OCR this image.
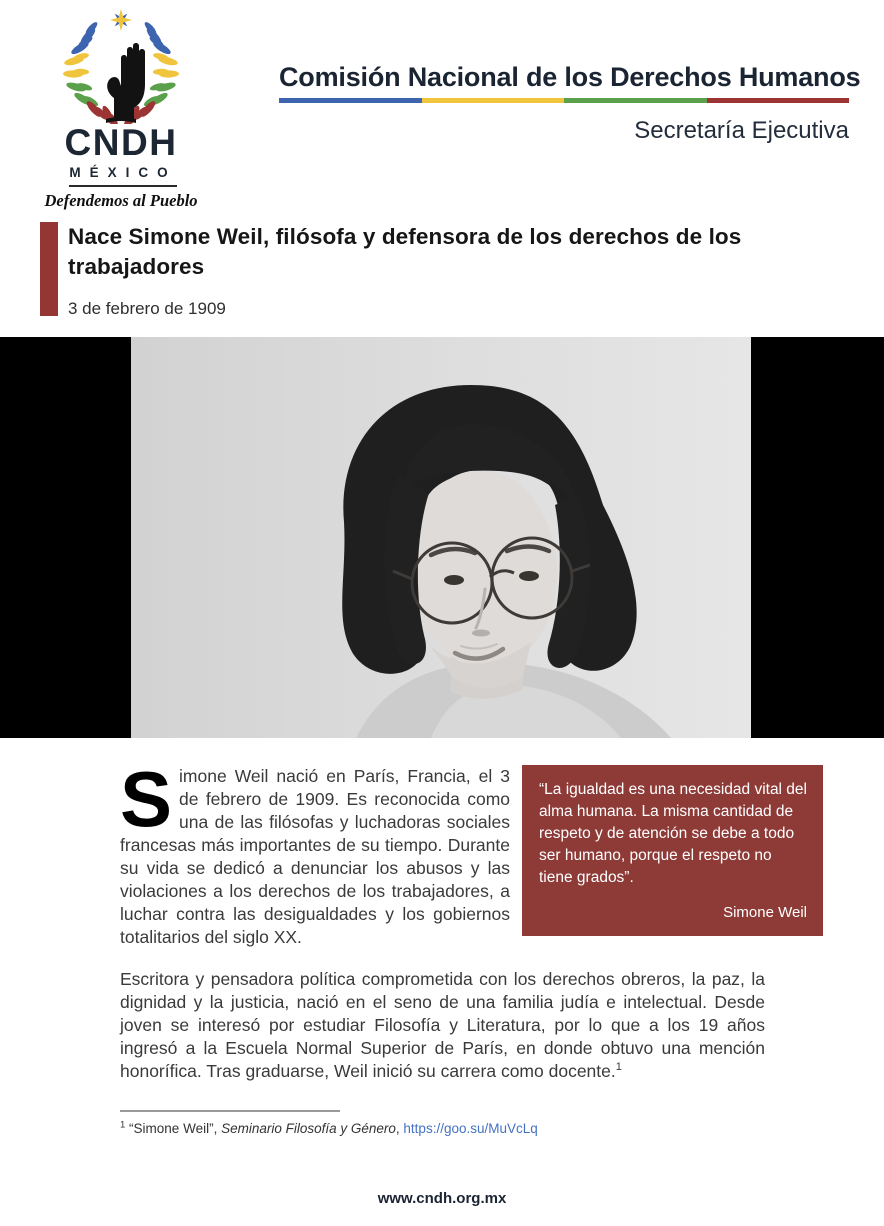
CNDH
MÉXICO
Defendemos al Pueblo
Comisión Nacional de los Derechos Humanos
Secretaría Ejecutiva
Nace Simone Weil, filósofa y defensora de los derechos de los trabajadores
3 de febrero de 1909

Simone Weil nació en París, Francia, el 3 de febrero de 1909. Es reconocida como una de las filósofas y luchadoras sociales francesas más importantes de su tiempo. Durante su vida se dedicó a denunciar los abusos y las violaciones a los derechos de los trabajadores, a luchar contra las desigualdades y los gobiernos totalitarios del siglo XX.

“La igualdad es una necesidad vital del alma humana. La misma cantidad de respeto y de atención se debe a todo ser humano, porque el respeto no tiene grados”.
Simone Weil

Escritora y pensadora política comprometida con los derechos obreros, la paz, la dignidad y la justicia, nació en el seno de una familia judía e intelectual. Desde joven se interesó por estudiar Filosofía y Literatura, por lo que a los 19 años ingresó a la Escuela Normal Superior de París, en donde obtuvo una mención honorífica. Tras graduarse, Weil inició su carrera como docente.$^1$

$^1$ “Simone Weil”, Seminario Filosofía y Género, https://goo.su/MuVcLq
www.cndh.org.mx
